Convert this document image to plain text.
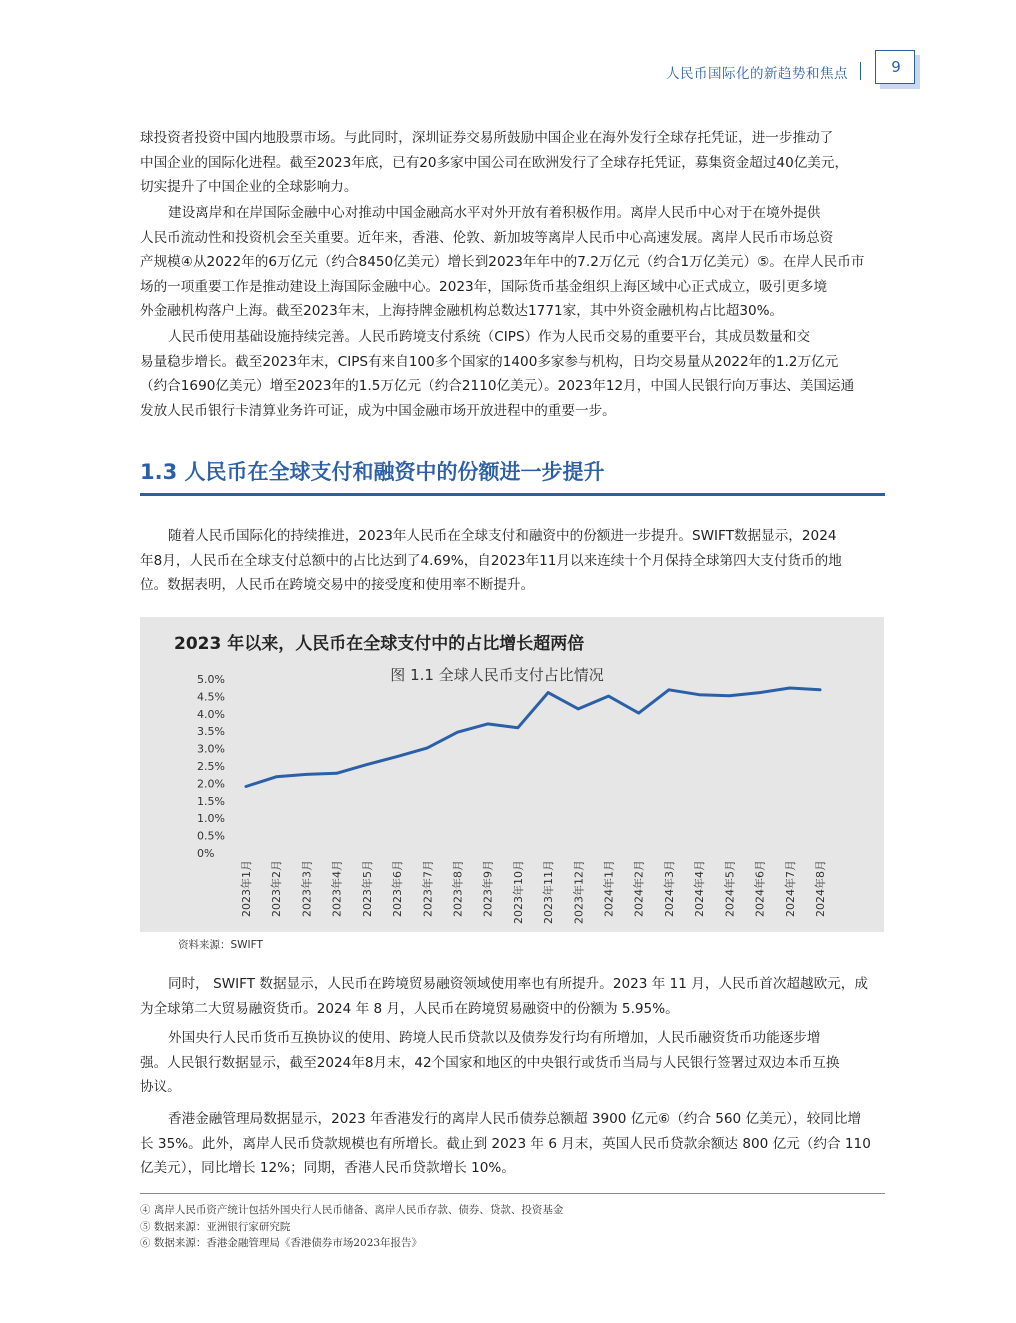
人民币国际化的新趋势和焦点	9
球投资者投资中国内地股票市场。与此同时，深圳证券交易所鼓励中国企业在海外发行全球存托凭证，进一步推动了
中国企业的国际化进程。截至2023年底，已有20多家中国公司在欧洲发行了全球存托凭证，募集资金超过40亿美元，
切实提升了中国企业的全球影响力。
建设离岸和在岸国际金融中心对推动中国金融高水平对外开放有着积极作用。离岸人民币中心对于在境外提供
人民币流动性和投资机会至关重要。近年来，香港、伦敦、新加坡等离岸人民币中心高速发展。离岸人民币市场总资
产规模④从2022年的6万亿元（约合8450亿美元）增长到2023年年中的7.2万亿元（约合1万亿美元）⑤。在岸人民币市
场的一项重要工作是推动建设上海国际金融中心。2023年，国际货币基金组织上海区域中心正式成立，吸引更多境
外金融机构落户上海。截至2023年末，上海持牌金融机构总数达1771家，其中外资金融机构占比超30%。
人民币使用基础设施持续完善。人民币跨境支付系统（CIPS）作为人民币交易的重要平台，其成员数量和交
易量稳步增长。截至2023年末，CIPS有来自100多个国家的1400多家参与机构，日均交易量从2022年的1.2万亿元
（约合1690亿美元）增至2023年的1.5万亿元（约合2110亿美元）。2023年12月，中国人民银行向万事达、美国运通
发放人民币银行卡清算业务许可证，成为中国金融市场开放进程中的重要一步。
1.3 人民币在全球支付和融资中的份额进一步提升
随着人民币国际化的持续推进，2023年人民币在全球支付和融资中的份额进一步提升。SWIFT数据显示，2024
年8月，人民币在全球支付总额中的占比达到了4.69%，自2023年11月以来连续十个月保持全球第四大支付货币的地
位。数据表明，人民币在跨境交易中的接受度和使用率不断提升。
2023 年以来，人民币在全球支付中的占比增长超两倍
图 1.1 全球人民币支付占比情况
0%
0.5%
1.0%
1.5%
2.0%
2.5%
3.0%
3.5%
4.0%
4.5%
5.0%
2023年1月 2023年2月 2023年3月 2023年4月 2023年5月 2023年6月 2023年7月 2023年8月 2023年9月 2023年10月 2023年11月 2023年12月 2024年1月 2024年2月 2024年3月 2024年4月 2024年5月 2024年6月 2024年7月 2024年8月
资料来源：SWIFT
同时， SWIFT 数据显示，人民币在跨境贸易融资领域使用率也有所提升。2023 年 11 月，人民币首次超越欧元，成
为全球第二大贸易融资货币。2024 年 8 月，人民币在跨境贸易融资中的份额为 5.95%。
外国央行人民币货币互换协议的使用、跨境人民币贷款以及债券发行均有所增加，人民币融资货币功能逐步增
强。人民银行数据显示，截至2024年8月末，42个国家和地区的中央银行或货币当局与人民银行签署过双边本币互换
协议。
香港金融管理局数据显示，2023 年香港发行的离岸人民币债券总额超 3900 亿元⑥（约合 560 亿美元），较同比增
长 35%。此外，离岸人民币贷款规模也有所增长。截止到 2023 年 6 月末，英国人民币贷款余额达 800 亿元（约合 110
亿美元），同比增长 12%；同期，香港人民币贷款增长 10%。
④ 离岸人民币资产统计包括外国央行人民币储备、离岸人民币存款、债券、贷款、投资基金
⑤ 数据来源：亚洲银行家研究院
⑥ 数据来源：香港金融管理局《香港债券市场2023年报告》
